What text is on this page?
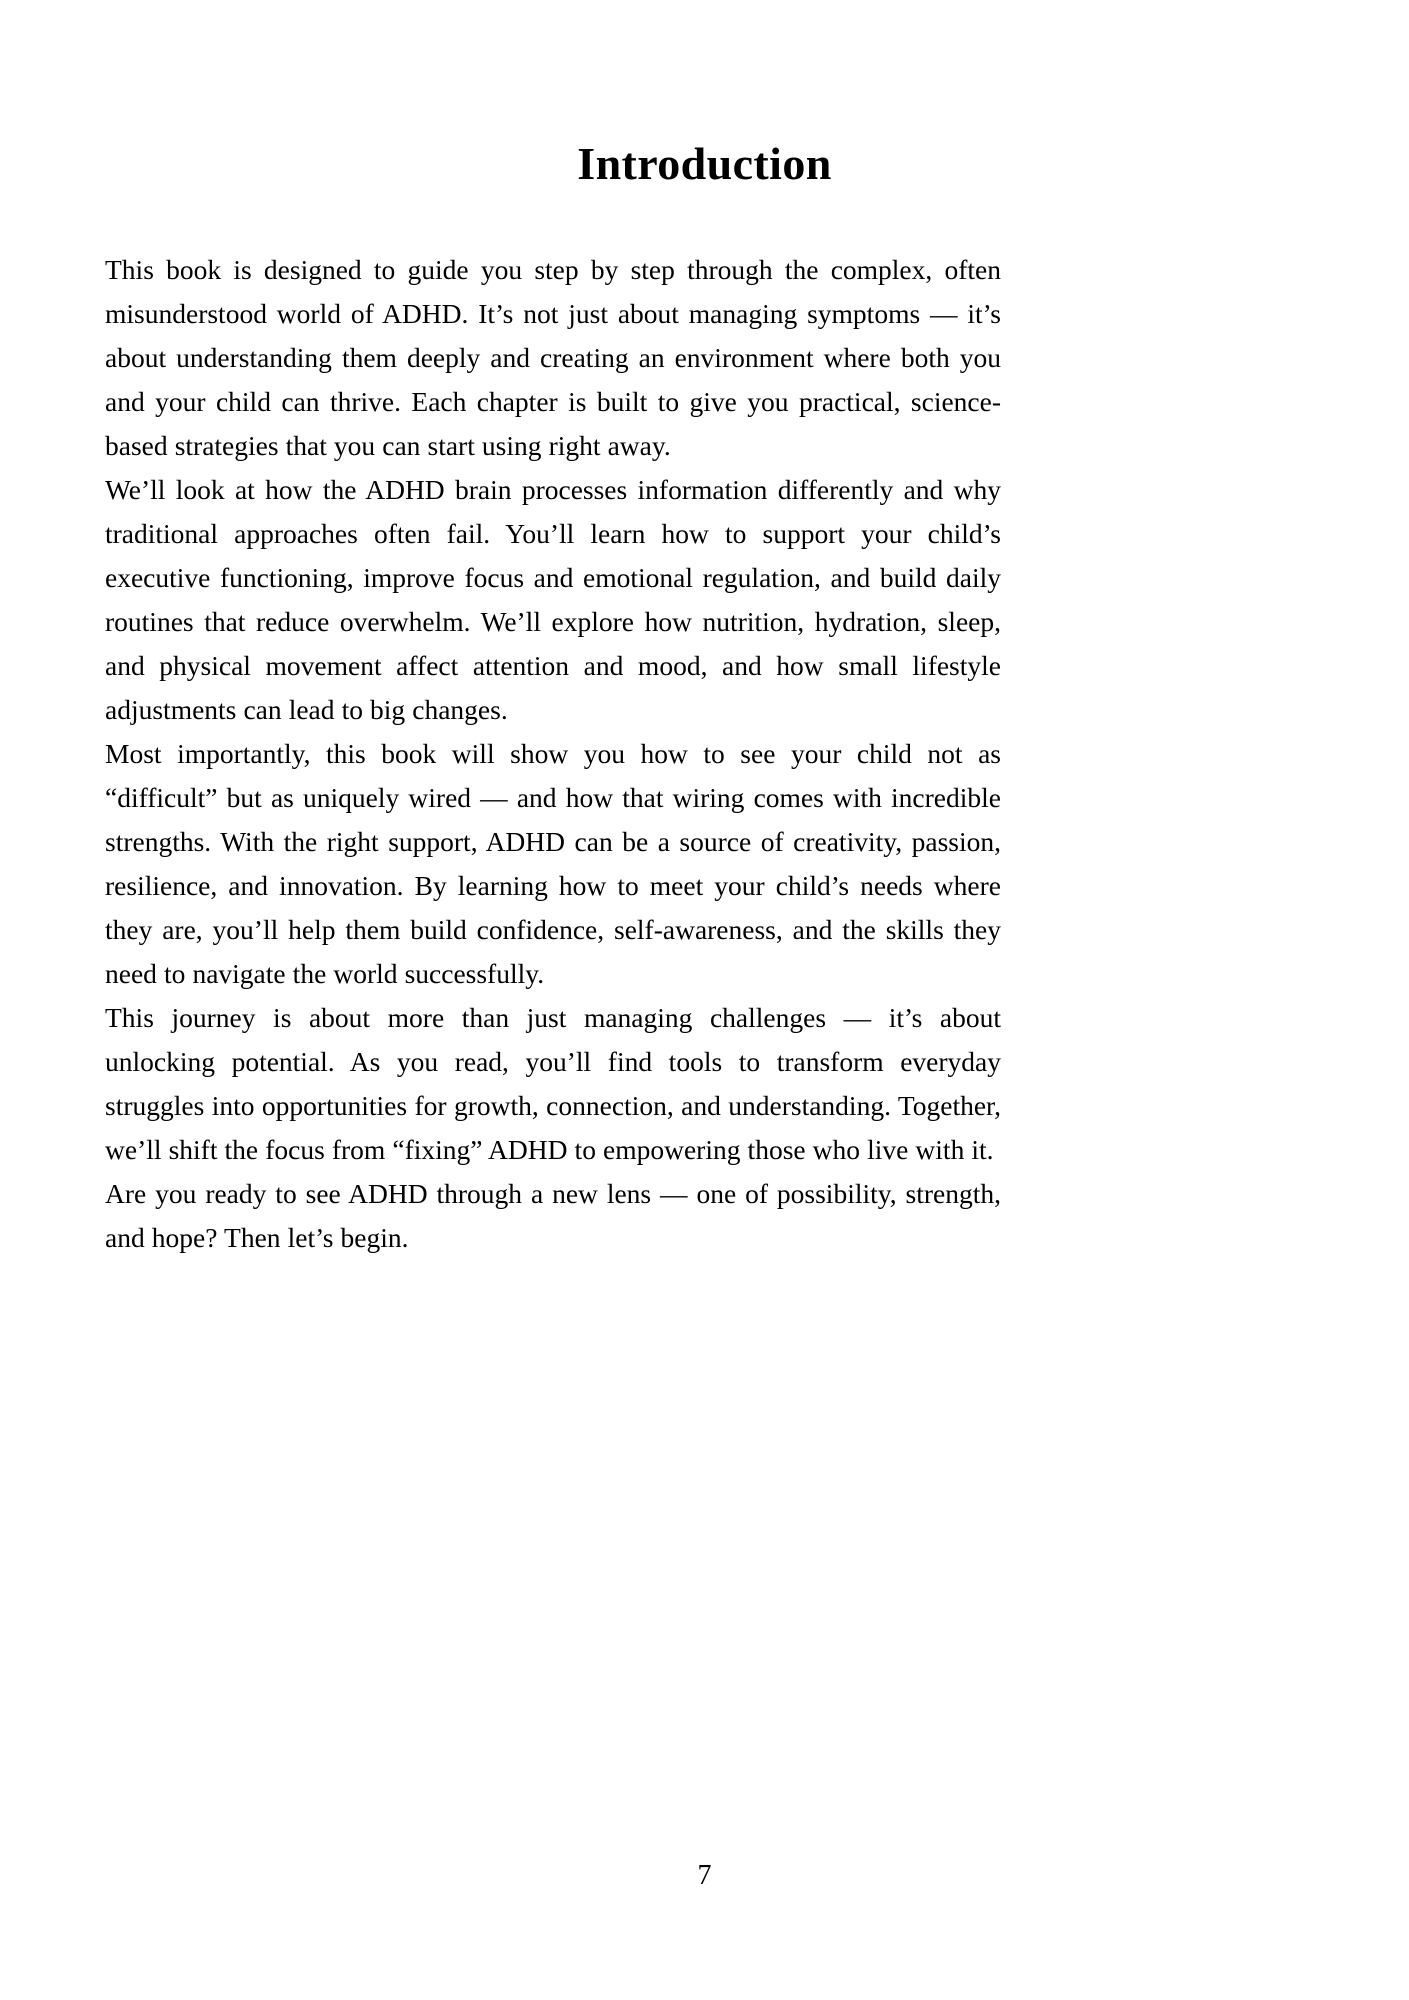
Introduction

This book is designed to guide you step by step through the complex, often misunderstood world of ADHD. It’s not just about managing symptoms — it’s about understanding them deeply and creating an environment where both you and your child can thrive. Each chapter is built to give you practical, science-based strategies that you can start using right away.

We’ll look at how the ADHD brain processes information differently and why traditional approaches often fail. You’ll learn how to support your child’s executive functioning, improve focus and emotional regulation, and build daily routines that reduce overwhelm. We’ll explore how nutrition, hydration, sleep, and physical movement affect attention and mood, and how small lifestyle adjustments can lead to big changes.

Most importantly, this book will show you how to see your child not as “difficult” but as uniquely wired — and how that wiring comes with incredible strengths. With the right support, ADHD can be a source of creativity, passion, resilience, and innovation. By learning how to meet your child’s needs where they are, you’ll help them build confidence, self-awareness, and the skills they need to navigate the world successfully.

This journey is about more than just managing challenges — it’s about unlocking potential. As you read, you’ll find tools to transform everyday struggles into opportunities for growth, connection, and understanding. Together, we’ll shift the focus from “fixing” ADHD to empowering those who live with it.

Are you ready to see ADHD through a new lens — one of possibility, strength, and hope? Then let’s begin.

7
